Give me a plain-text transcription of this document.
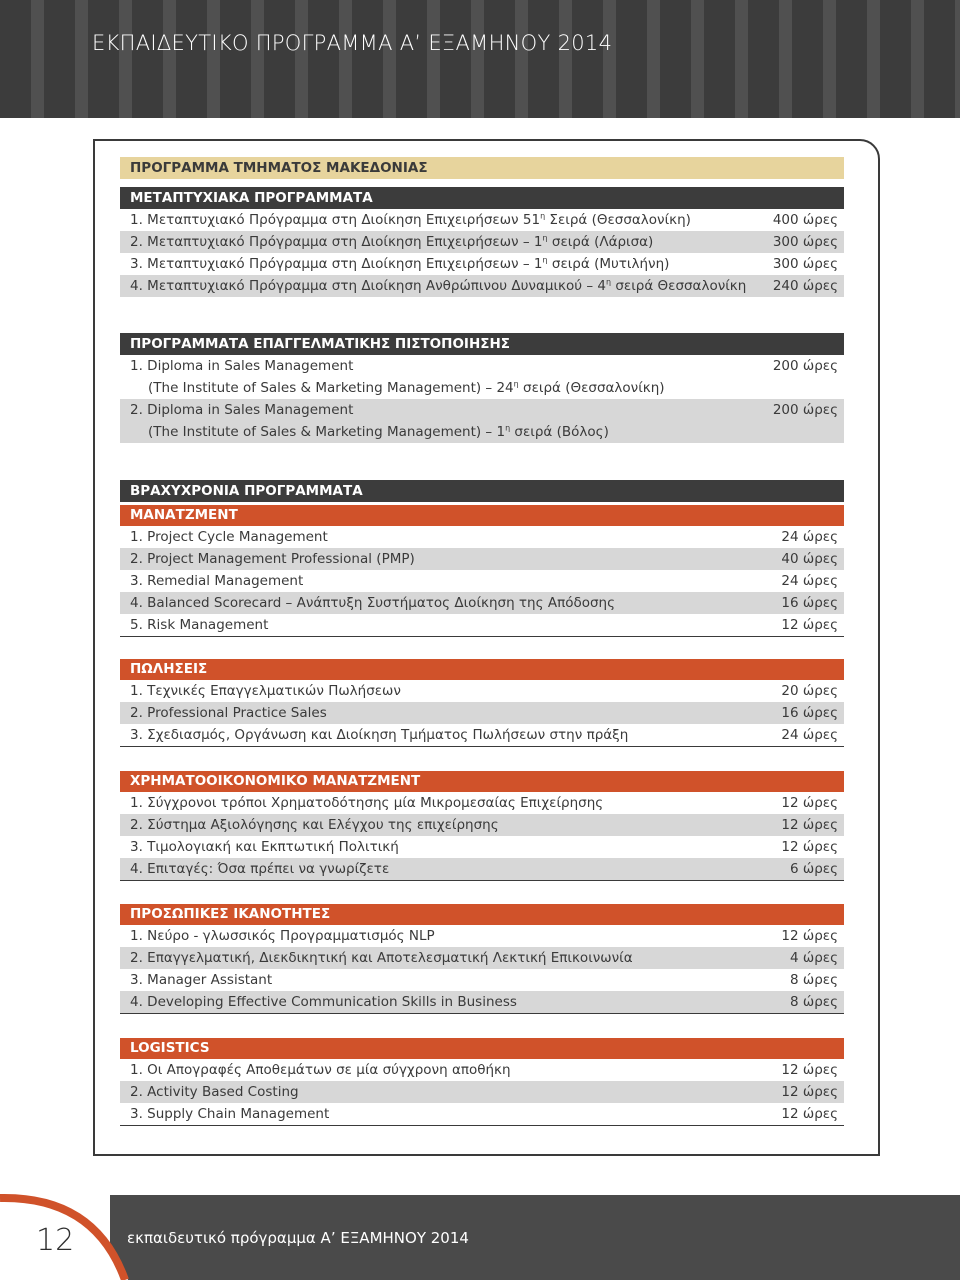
ΕΚΠΑΙΔΕΥΤΙΚΟ ΠΡΟΓΡΑΜΜΑ Α’ ΕΞΑΜΗΝΟΥ 2014
ΠΡΟΓΡΑΜΜΑ ΤΜΗΜΑΤΟΣ ΜΑΚΕΔΟΝΙΑΣ
ΜΕΤΑΠΤΥΧΙΑΚΑ ΠΡΟΓΡΑΜΜΑΤΑ
1. Μεταπτυχιακό Πρόγραμμα στη Διοίκηση Επιχειρήσεων $51^\eta$ Σειρά (Θεσσαλονίκη)	400 ώρες
2. Μεταπτυχιακό Πρόγραμμα στη Διοίκηση Επιχειρήσεων – $1^\eta$ σειρά (Λάρισα)	300 ώρες
3. Μεταπτυχιακό Πρόγραμμα στη Διοίκηση Επιχειρήσεων – $1^\eta$ σειρά (Μυτιλήνη)	300 ώρες
4. Μεταπτυχιακό Πρόγραμμα στη Διοίκηση Ανθρώπινου Δυναμικού – $4^\eta$ σειρά Θεσσαλονίκη 240 ώρες
ΠΡΟΓΡΑΜΜΑΤΑ ΕΠΑΓΓΕΛΜΑΤΙΚΗΣ ΠΙΣΤΟΠΟΙΗΣΗΣ
1. Diploma in Sales Management	200 ώρες
(The Institute of Sales & Marketing Management) – $24^\eta$ σειρά (Θεσσαλονίκη)
2. Diploma in Sales Management	200 ώρες
(The Institute of Sales & Marketing Management) – $1^\eta$ σειρά (Βόλος)
ΒΡΑΧΥΧΡΟΝΙΑ ΠΡΟΓΡΑΜΜΑΤΑ
ΜΑΝΑΤΖΜΕΝΤ
1. Project Cycle Management	24 ώρες
2. Project Management Professional (PMP)	40 ώρες
3. Remedial Management	24 ώρες
4. Balanced Scorecard – Ανάπτυξη Συστήματος Διοίκηση της Απόδοσης	16 ώρες
5. Risk Management	12 ώρες
ΠΩΛΗΣΕΙΣ
1. Τεχνικές Επαγγελματικών Πωλήσεων	20 ώρες
2. Professional Practice Sales	16 ώρες
3. Σχεδιασμός, Οργάνωση και Διοίκηση Τμήματος Πωλήσεων στην πράξη	24 ώρες
ΧΡΗΜΑΤΟΟΙΚΟΝΟΜΙΚΟ ΜΑΝΑΤΖΜΕΝΤ
1. Σύγχρονοι τρόποι Χρηματοδότησης μία Μικρομεσαίας Επιχείρησης	12 ώρες
2. Σύστημα Αξιολόγησης και Ελέγχου της επιχείρησης	12 ώρες
3. Τιμολογιακή και Εκπτωτική Πολιτική	12 ώρες
4. Επιταγές: Όσα πρέπει να γνωρίζετε	6 ώρες
ΠΡΟΣΩΠΙΚΕΣ ΙΚΑΝΟΤΗΤΕΣ
1. Νεύρο - γλωσσικός Προγραμματισμός NLP	12 ώρες
2. Επαγγελματική, Διεκδικητική και Αποτελεσματική Λεκτική Επικοινωνία	4 ώρες
3. Manager Assistant	8 ώρες
4. Developing Effective Communication Skills in Business	8 ώρες
LOGISTICS
1. Οι Απογραφές Αποθεμάτων σε μία σύγχρονη αποθήκη	12 ώρες
2. Activity Based Costing	12 ώρες
3. Supply Chain Management	12 ώρες
12	εκπαιδευτικό πρόγραμμα Α’ ΕΞΑΜΗΝΟΥ 2014
